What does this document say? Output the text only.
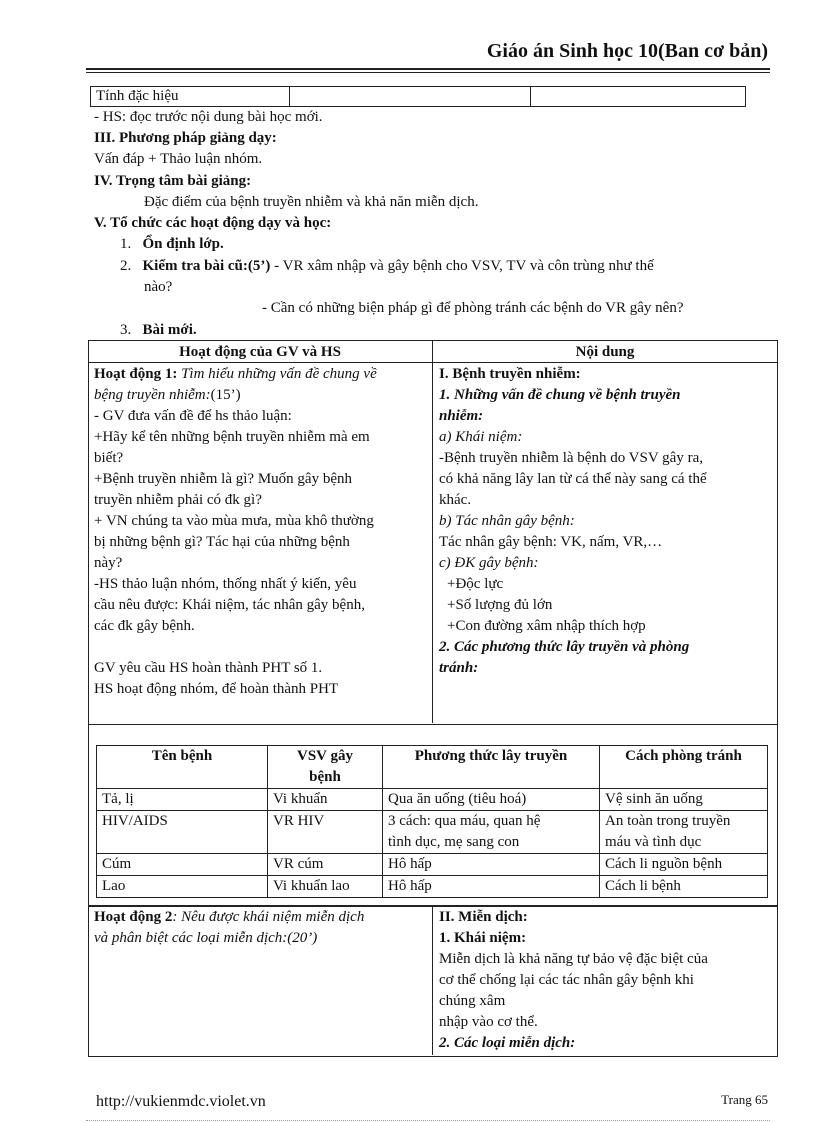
Giáo án Sinh học 10(Ban cơ bản)
Tính đặc hiệu		
- HS: đọc trước nội dung bài học mới.
III. Phương pháp giảng dạy:
Vấn đáp + Thảo luận nhóm.
IV. Trọng tâm bài giảng:
Đặc điểm của bệnh truyền nhiễm và khả năn miễn dịch.
V. Tổ chức các hoạt động dạy và học:
1. Ổn định lớp.
2. Kiểm tra bài cũ:(5’) - VR xâm nhập và gây bệnh cho VSV, TV và côn trùng như thế
nào?
- Cần có những biện pháp gì để phòng tránh các bệnh do VR gây nên?
3. Bài mới.
Hoạt động của GV và HS	Nội dung
Hoạt động 1: Tìm hiểu những vấn đề chung về
bệng truyền nhiễm:(15’)
- GV đưa vấn đề để hs thảo luận:
+Hãy kể tên những bệnh truyền nhiễm mà em
biết?
+Bệnh truyền nhiễm là gì? Muốn gây bệnh
truyền nhiễm phải có đk gì?
+ VN chúng ta vào mùa mưa, mùa khô thường
bị những bệnh gì? Tác hại của những bệnh
này?
-HS thảo luận nhóm, thống nhất ý kiến, yêu
cầu nêu được: Khái niệm, tác nhân gây bệnh,
các đk gây bệnh.
GV yêu cầu HS hoàn thành PHT số 1.
HS hoạt động nhóm, để hoàn thành PHT
I. Bệnh truyền nhiễm:
1. Những vấn đề chung về bệnh truyền
nhiễm:
a) Khái niệm:
-Bệnh truyền nhiễm là bệnh do VSV gây ra,
có khả năng lây lan từ cá thể này sang cá thể
khác.
b) Tác nhân gây bệnh:
Tác nhân gây bệnh: VK, nấm, VR,…
c) ĐK gây bệnh:
+Độc lực
+Số lượng đủ lớn
+Con đường xâm nhập thích hợp
2. Các phương thức lây truyền và phòng
tránh:
Tên bệnh	VSV gây
bệnh	Phương thức lây truyền	Cách phòng tránh
Tả, lị	Vi khuẩn	Qua ăn uống (tiêu hoá)	Vệ sinh ăn uống
HIV/AIDS	VR HIV	3 cách: qua máu, quan hệ
tình dục, mẹ sang con	An toàn trong truyền
máu và tình dục
Cúm	VR cúm	Hô hấp	Cách li nguồn bệnh
Lao	Vi khuẩn lao	Hô hấp	Cách li bệnh
Hoạt động 2: Nêu được khái niệm miễn dịch
và phân biệt các loại miễn dịch:(20’)
II. Miễn dịch:
1. Khái niệm:
Miễn dịch là khả năng tự bảo vệ đặc biệt của
cơ thể chống lại các tác nhân gây bệnh khi
chúng xâm
nhập vào cơ thể.
2. Các loại miễn dịch:
http://vukienmdc.violet.vn	Trang 65
